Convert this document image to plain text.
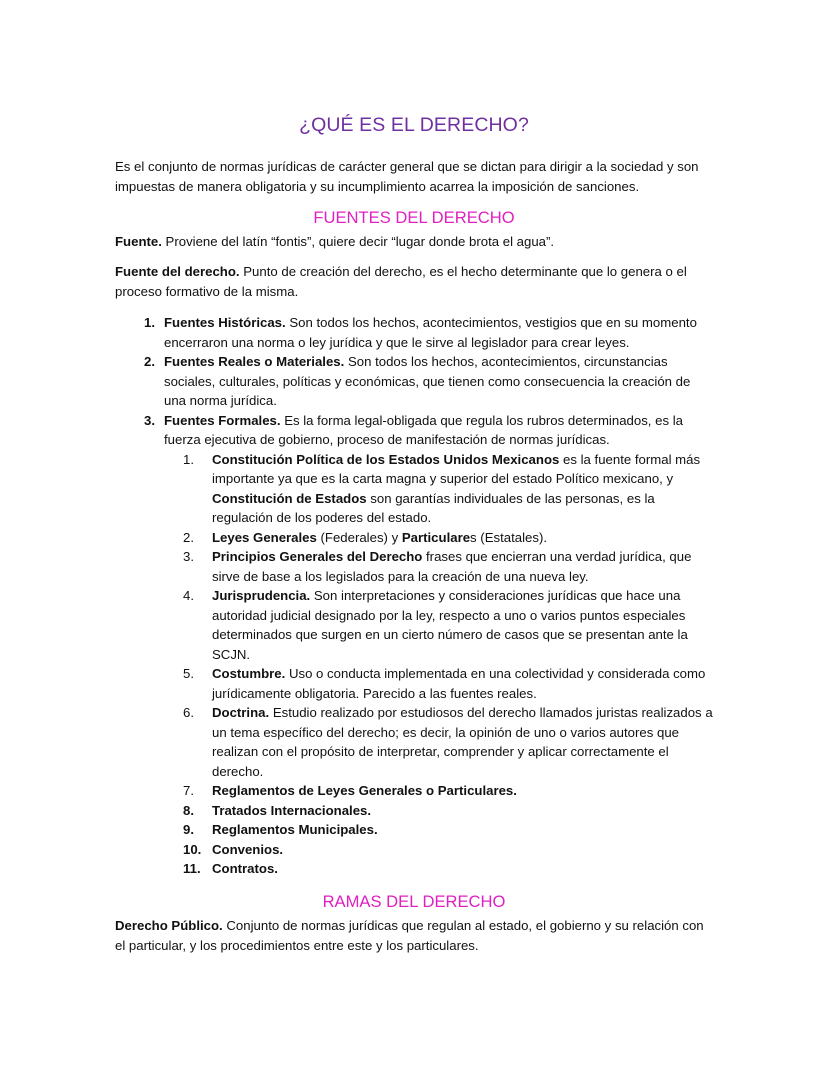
¿QUÉ ES EL DERECHO?
Es el conjunto de normas jurídicas de carácter general que se dictan para dirigir a la sociedad y son impuestas de manera obligatoria y su incumplimiento acarrea la imposición de sanciones.
FUENTES DEL DERECHO
Fuente. Proviene del latín “fontis”, quiere decir “lugar donde brota el agua”.
Fuente del derecho. Punto de creación del derecho, es el hecho determinante que lo genera o el proceso formativo de la misma.
1. Fuentes Históricas. Son todos los hechos, acontecimientos, vestigios que en su momento encerraron una norma o ley jurídica y que le sirve al legislador para crear leyes.
2. Fuentes Reales o Materiales. Son todos los hechos, acontecimientos, circunstancias sociales, culturales, políticas y económicas, que tienen como consecuencia la creación de una norma jurídica.
3. Fuentes Formales. Es la forma legal-obligada que regula los rubros determinados, es la fuerza ejecutiva de gobierno, proceso de manifestación de normas jurídicas.
1.	Constitución Política de los Estados Unidos Mexicanos es la fuente formal más importante ya que es la carta magna y superior del estado Político mexicano, y Constitución de Estados son garantías individuales de las personas, es la regulación de los poderes del estado.
2.	Leyes Generales (Federales) y Particulares (Estatales).
3.	Principios Generales del Derecho frases que encierran una verdad jurídica, que sirve de base a los legislados para la creación de una nueva ley.
4.	Jurisprudencia. Son interpretaciones y consideraciones jurídicas que hace una autoridad judicial designado por la ley, respecto a uno o varios puntos especiales determinados que surgen en un cierto número de casos que se presentan ante la SCJN.
5.	Costumbre. Uso o conducta implementada en una colectividad y considerada como jurídicamente obligatoria. Parecido a las fuentes reales.
6.	Doctrina. Estudio realizado por estudiosos del derecho llamados juristas realizados a un tema específico del derecho; es decir, la opinión de uno o varios autores que realizan con el propósito de interpretar, comprender y aplicar correctamente el derecho.
7.	Reglamentos de Leyes Generales o Particulares.
8.	Tratados Internacionales.
9.	Reglamentos Municipales.
10. Convenios.
11. Contratos.
RAMAS DEL DERECHO
Derecho Público. Conjunto de normas jurídicas que regulan al estado, el gobierno y su relación con el particular, y los procedimientos entre este y los particulares.
